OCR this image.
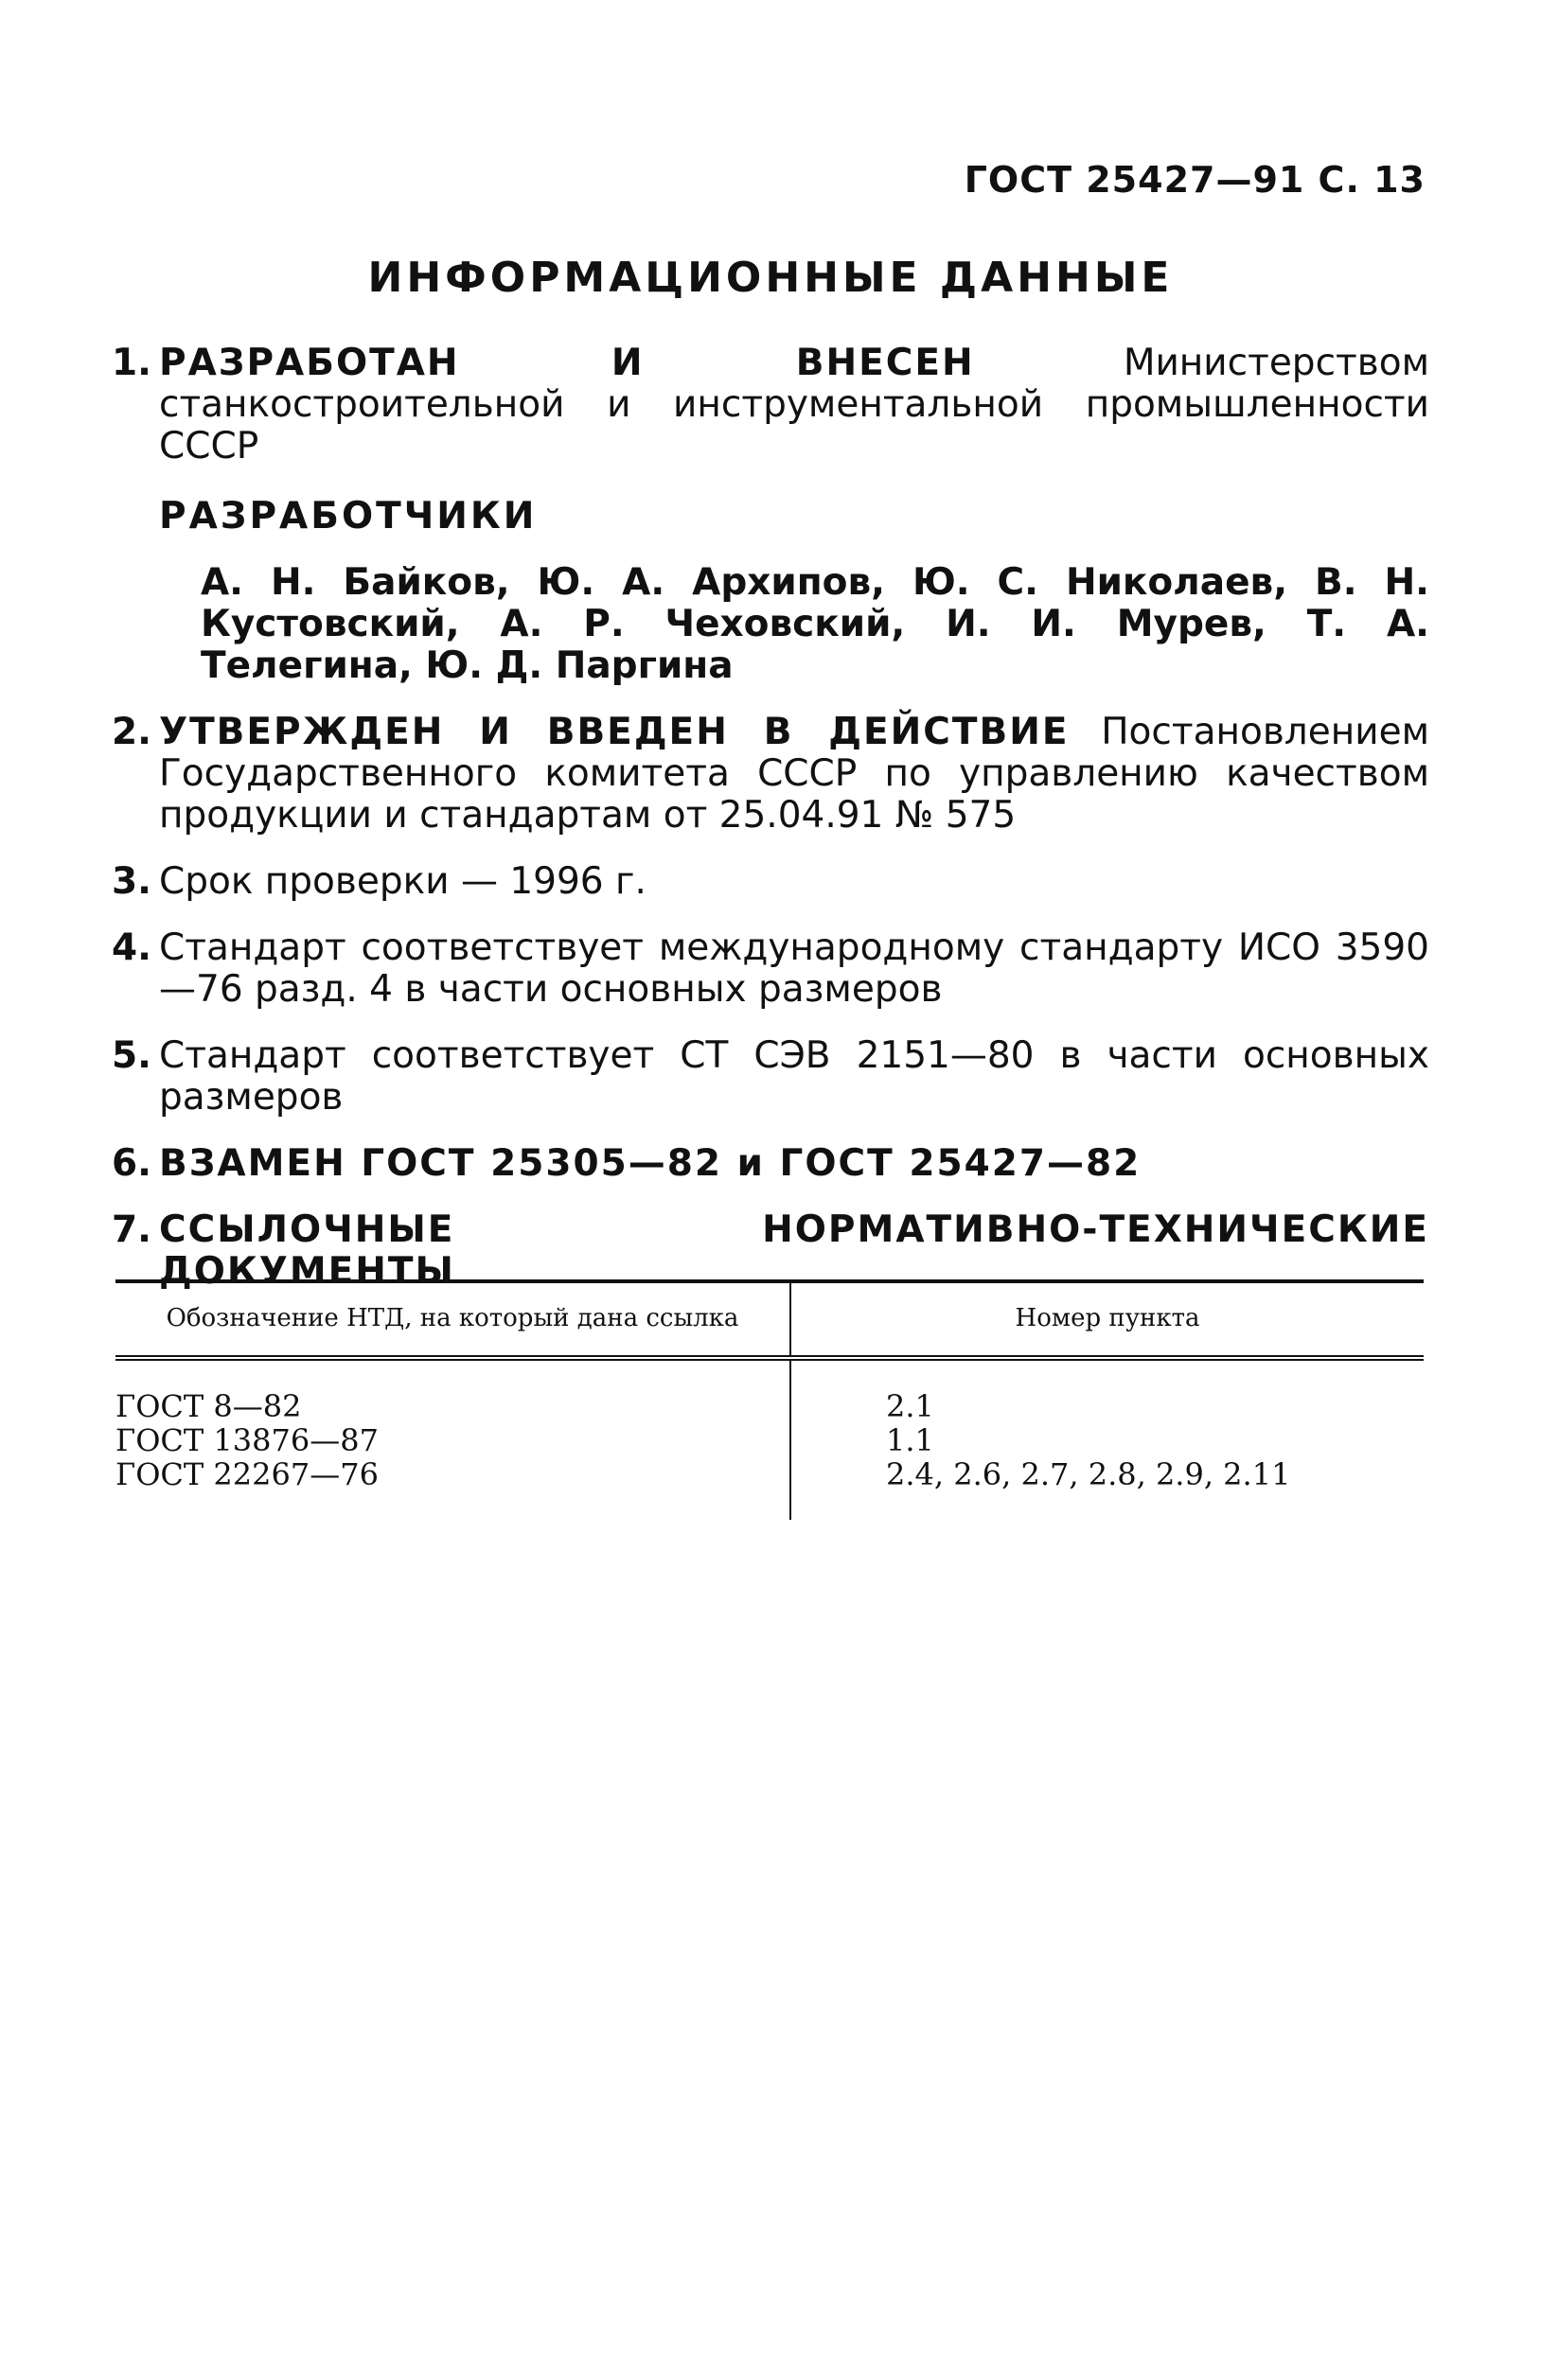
ГОСТ 25427—91 С. 13
ИНФОРМАЦИОННЫЕ ДАННЫЕ
1. РАЗРАБОТАН И ВНЕСЕН	Министерством станкостроительной и инструментальной промышленности СССР
РАЗРАБОТЧИКИ

А. Н. Байков, Ю. А. Архипов, Ю. С. Николаев, В. Н. Кустовский, А. Р. Чеховский, И. И. Мурев, Т. А. Телегина, Ю. Д. Паргина

2. УТВЕРЖДЕН И ВВЕДЕН В ДЕЙСТВИЕ Постановлением Государственного комитета СССР по управлению качеством продукции и стандартам от 25.04.91 № 575
3. Срок проверки — 1996 г.
4. Стандарт соответствует международному стандарту ИСО 3590—76 разд. 4 в части основных размеров
5. Стандарт соответствует СТ СЭВ 2151—80 в части основных размеров
6. ВЗАМЕН ГОСТ 25305—82 и ГОСТ 25427—82
7. ССЫЛОЧНЫЕ НОРМАТИВНО-ТЕХНИЧЕСКИЕ ДОКУМЕНТЫ
Обозначение НТД, на который дана ссылка	Номер пункта
ГОСТ 8—82	2.1
ГОСТ 13876—87	1.1
ГОСТ 22267—76	2.4, 2.6, 2.7, 2.8, 2.9, 2.11
